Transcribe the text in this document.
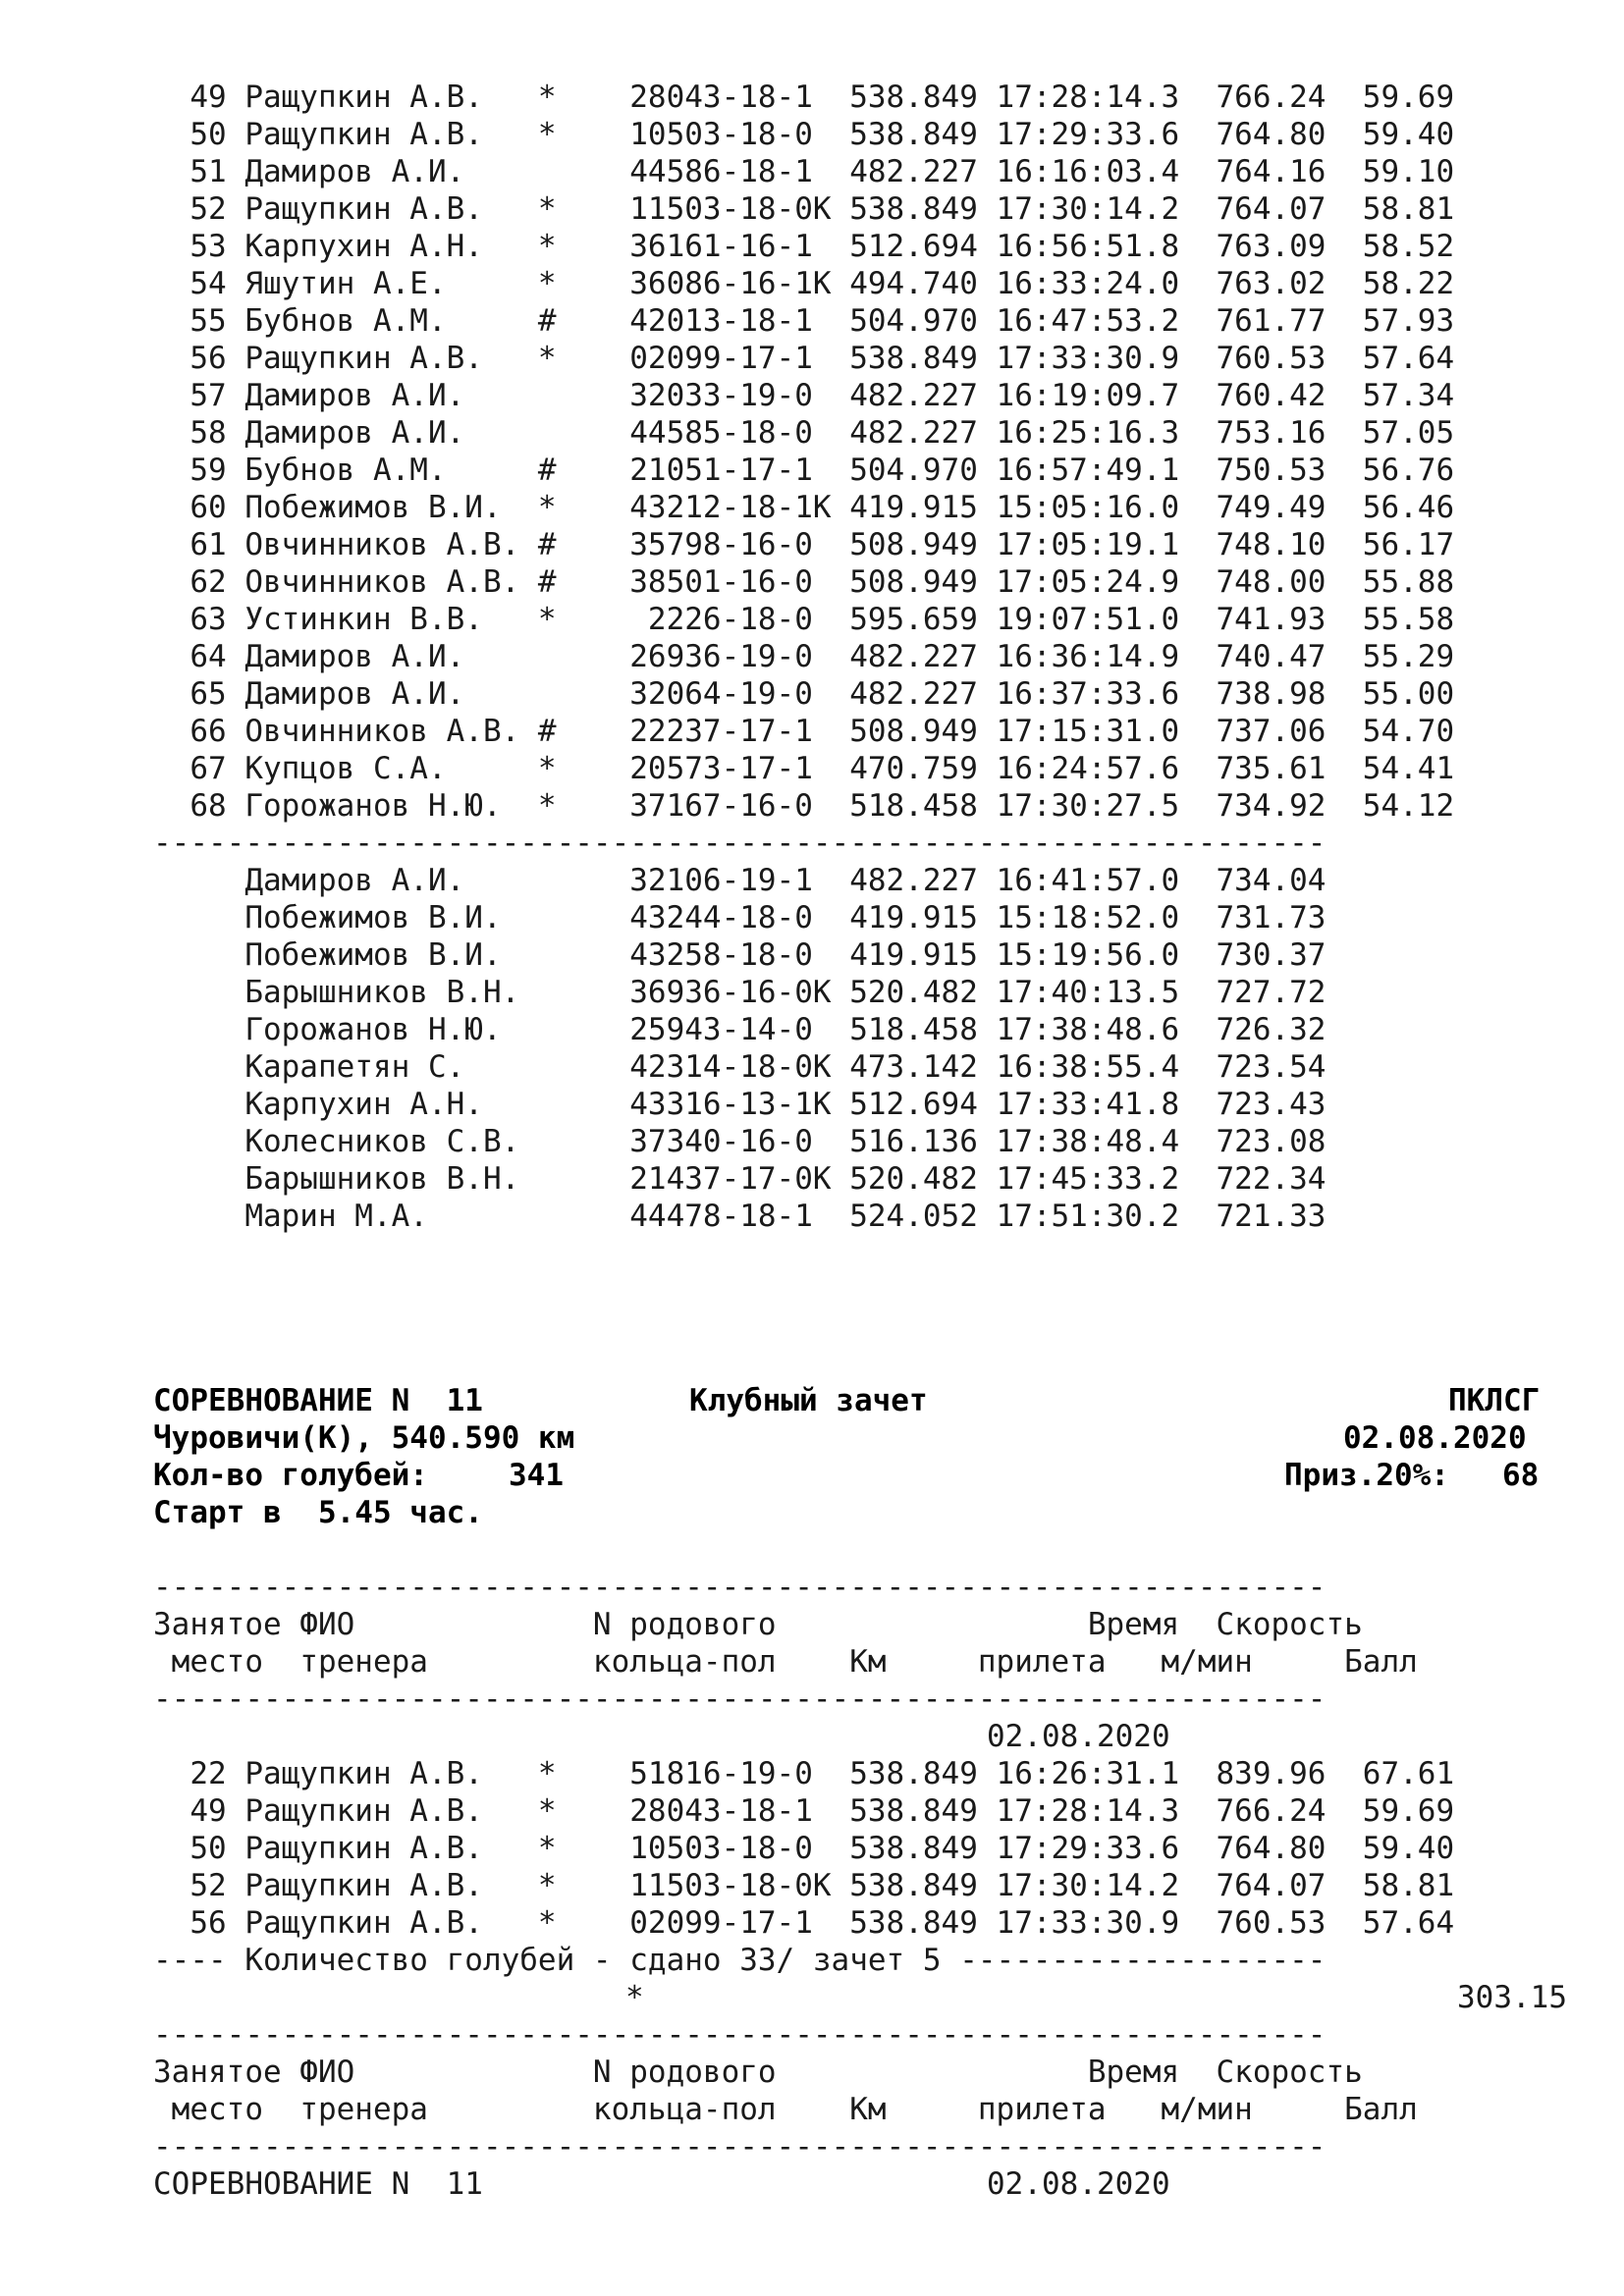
49 Ращупкин А.В.   *    28043-18-1  538.849 17:28:14.3  766.24  59.69
50 Ращупкин А.В.   *    10503-18-0  538.849 17:29:33.6  764.80  59.40
51 Дамиров А.И.         44586-18-1  482.227 16:16:03.4  764.16  59.10
52 Ращупкин А.В.   *    11503-18-0К 538.849 17:30:14.2  764.07  58.81
53 Карпухин А.Н.   *    36161-16-1  512.694 16:56:51.8  763.09  58.52
54 Яшутин А.Е.     *    36086-16-1К 494.740 16:33:24.0  763.02  58.22
55 Бубнов А.М.     #    42013-18-1  504.970 16:47:53.2  761.77  57.93
56 Ращупкин А.В.   *    02099-17-1  538.849 17:33:30.9  760.53  57.64
57 Дамиров А.И.         32033-19-0  482.227 16:19:09.7  760.42  57.34
58 Дамиров А.И.         44585-18-0  482.227 16:25:16.3  753.16  57.05
59 Бубнов А.М.     #    21051-17-1  504.970 16:57:49.1  750.53  56.76
60 Побежимов В.И.  *    43212-18-1К 419.915 15:05:16.0  749.49  56.46
61 Овчинников А.В. #    35798-16-0  508.949 17:05:19.1  748.10  56.17
62 Овчинников А.В. #    38501-16-0  508.949 17:05:24.9  748.00  55.88
63 Устинкин В.В.   *     2226-18-0  595.659 19:07:51.0  741.93  55.58
64 Дамиров А.И.         26936-19-0  482.227 16:36:14.9  740.47  55.29
65 Дамиров А.И.         32064-19-0  482.227 16:37:33.6  738.98  55.00
66 Овчинников А.В. #    22237-17-1  508.949 17:15:31.0  737.06  54.70
67 Купцов С.А.     *    20573-17-1  470.759 16:24:57.6  735.61  54.41
68 Горожанов Н.Ю.  *    37167-16-0  518.458 17:30:27.5  734.92  54.12
----------------------------------------------------------------
Дамиров А.И.         32106-19-1  482.227 16:41:57.0  734.04
Побежимов В.И.       43244-18-0  419.915 15:18:52.0  731.73
Побежимов В.И.       43258-18-0  419.915 15:19:56.0  730.37
Барышников В.Н.      36936-16-0К 520.482 17:40:13.5  727.72
Горожанов Н.Ю.       25943-14-0  518.458 17:38:48.6  726.32
Карапетян С.         42314-18-0К 473.142 16:38:55.4  723.54
Карпухин А.Н.        43316-13-1К 512.694 17:33:41.8  723.43
Колесников С.В.      37340-16-0  516.136 17:38:48.4  723.08
Барышников В.Н.      21437-17-0К 520.482 17:45:33.2  722.34
Марин М.А.           44478-18-1  524.052 17:51:30.2  721.33
СОРЕВНОВАНИЕ N  11	Клубный зачет	ПКЛСГ
Чуровичи(К), 540.590 км	02.08.2020
Кол-во голубей:	341	Приз.20%: 68
Старт в  5.45 час.
----------------------------------------------------------------
Занятое ФИО             N родового                 Время  Скорость
место  тренера         кольца-пол    Км     прилета   м/мин     Балл
----------------------------------------------------------------
02.08.2020
22 Ращупкин А.В.   *    51816-19-0  538.849 16:26:31.1  839.96  67.61
49 Ращупкин А.В.   *    28043-18-1  538.849 17:28:14.3  766.24  59.69
50 Ращупкин А.В.   *    10503-18-0  538.849 17:29:33.6  764.80  59.40
52 Ращупкин А.В.   *    11503-18-0К 538.849 17:30:14.2  764.07  58.81
56 Ращупкин А.В.   *    02099-17-1  538.849 17:33:30.9  760.53  57.64
---- Количество голубей - сдано 33/ зачет 5 --------------------
*	303.15
----------------------------------------------------------------
Занятое ФИО             N родового                 Время  Скорость
место  тренера         кольца-пол    Км     прилета   м/мин     Балл
----------------------------------------------------------------
СОРЕВНОВАНИЕ N  11	02.08.2020
